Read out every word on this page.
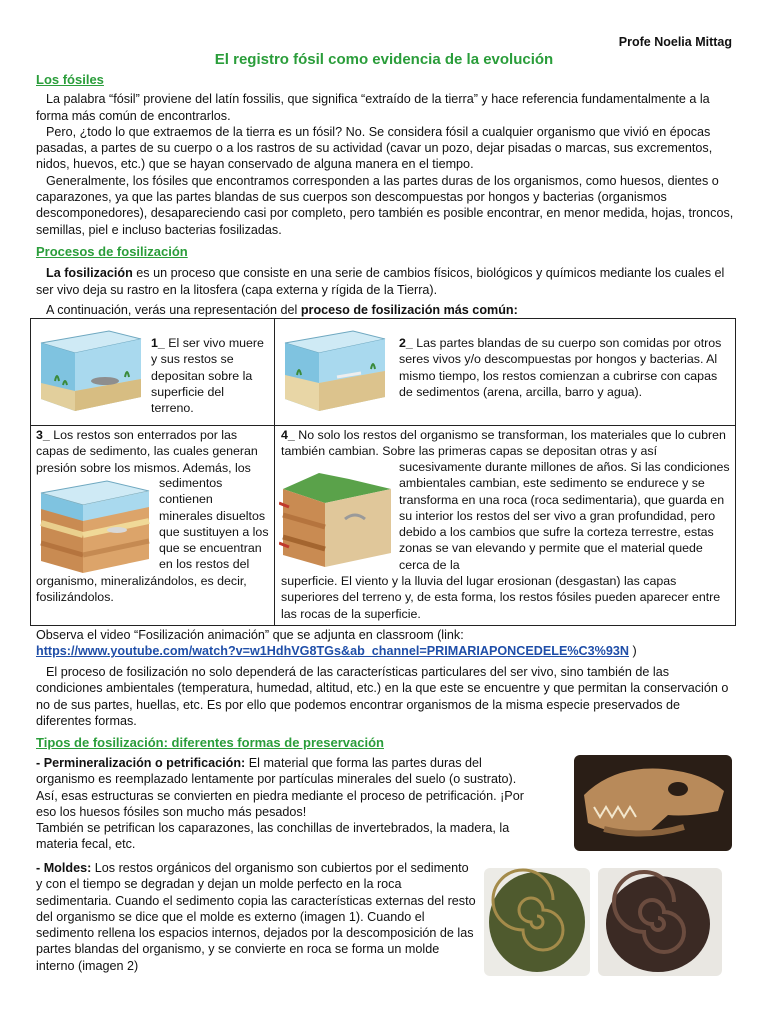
Profe Noelia Mittag
El registro fósil como evidencia de la evolución

Los fósiles

La palabra “fósil” proviene del latín fossilis, que significa “extraído de la tierra” y hace referencia fundamentalmente a la forma más común de encontrarlos.

Pero, ¿todo lo que extraemos de la tierra es un fósil? No. Se considera fósil a cualquier organismo que vivió en épocas pasadas, a partes de su cuerpo o a los rastros de su actividad (cavar un pozo, dejar pisadas o marcas, sus excrementos, nidos, huevos, etc.) que se hayan conservado de alguna manera en el tiempo.

Generalmente, los fósiles que encontramos corresponden a las partes duras de los organismos, como huesos, dientes o caparazones, ya que las partes blandas de sus cuerpos son descompuestas por hongos y bacterias (organismos descomponedores), desapareciendo casi por completo, pero también es posible encontrar, en menor medida, hojas, troncos, semillas, piel e incluso bacterias fosilizadas.

Procesos de fosilización

La fosilización es un proceso que consiste en una serie de cambios físicos, biológicos y químicos mediante los cuales el ser vivo deja su rastro en la litosfera (capa externa y rígida de la Tierra).

A continuación, verás una representación del proceso de fosilización más común:

1_ El ser vivo muere y sus restos se depositan sobre la superficie del terreno.
2_ Las partes blandas de su cuerpo son comidas por otros seres vivos y/o descompuestas por hongos y bacterias. Al mismo tiempo, los restos comienzan a cubrirse con capas de sedimentos (arena, arcilla, barro y agua).
3_ Los restos son enterrados por las capas de sedimento, las cuales generan presión sobre los mismos. Además, los
sedimentos contienen minerales disueltos que sustituyen a los que se encuentran en los restos del
organismo, mineralizándolos, es decir, fosilizándolos.
4_ No solo los restos del organismo se transforman, los materiales que lo cubren también cambian. Sobre las primeras capas se depositan otras y así
sucesivamente durante millones de años. Si las condiciones ambientales cambian, este sedimento se endurece y se transforma en una roca (roca sedimentaria), que guarda en su interior los restos del ser vivo a gran profundidad, pero debido a los cambios que sufre la corteza terrestre, estas zonas se van elevando y permite que el material quede cerca de la
superficie. El viento y la lluvia del lugar erosionan (desgastan) las capas superiores del terreno y, de esta forma, los restos fósiles pueden aparecer entre las rocas de la superficie.

Observa el video “Fosilización animación” que se adjunta en classroom (link:

https://www.youtube.com/watch?v=w1HdhVG8TGs&ab_channel=PRIMARIAPONCEDELE%C3%93N )

El proceso de fosilización no solo dependerá de las características particulares del ser vivo, sino también de las condiciones ambientales (temperatura, humedad, altitud, etc.) en la que este se encuentre y que permitan la conservación o no de sus partes, huellas, etc. Es por ello que podemos encontrar organismos de la misma especie preservados de diferentes formas.

Tipos de fosilización: diferentes formas de preservación

- Permineralización o petrificación: El material que forma las partes duras del organismo es reemplazado lentamente por partículas minerales del suelo (o sustrato). Así, esas estructuras se convierten en piedra mediante el proceso de petrificación. ¡Por eso los huesos fósiles son mucho más pesados!

También se petrifican los caparazones, las conchillas de invertebrados, la madera, la materia fecal, etc.

- Moldes: Los restos orgánicos del organismo son cubiertos por el sedimento y con el tiempo se degradan y dejan un molde perfecto en la roca sedimentaria. Cuando el sedimento copia las características externas del resto del organismo se dice que el molde es externo (imagen 1). Cuando el sedimento rellena los espacios internos, dejados por la descomposición de las partes blandas del organismo, y se convierte en roca se forma un molde interno (imagen 2)
